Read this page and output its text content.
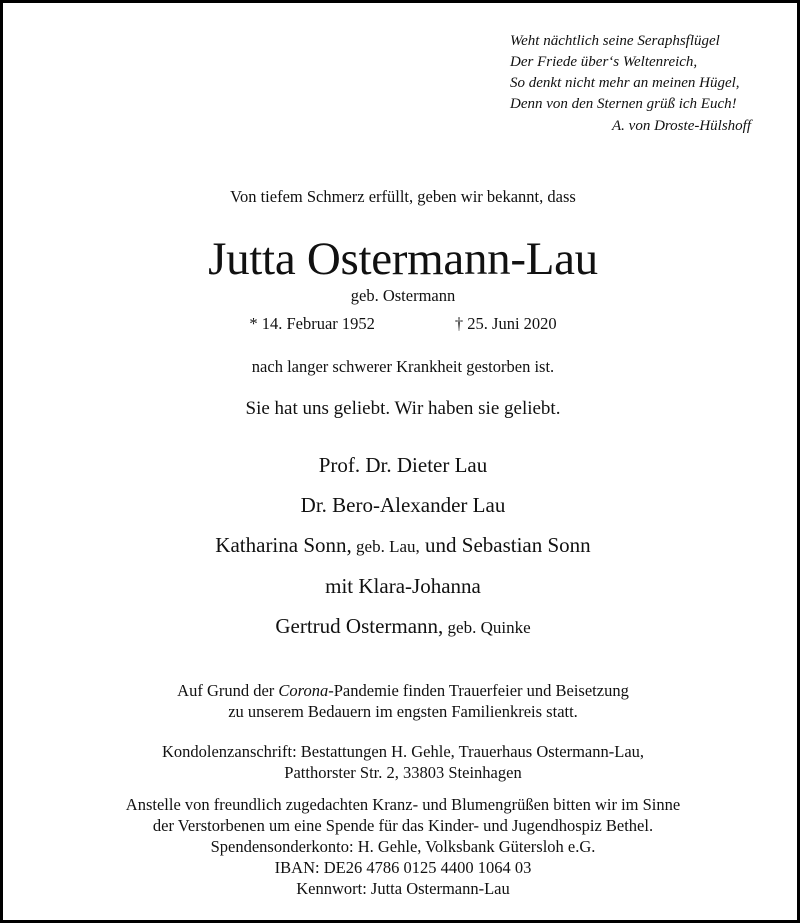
Weht nächtlich seine Seraphsflügel
Der Friede über‘s Weltenreich,
So denkt nicht mehr an meinen Hügel,
Denn von den Sternen grüß ich Euch!
A. von Droste-Hülshoff
Von tiefem Schmerz erfüllt, geben wir bekannt, dass
Jutta Ostermann-Lau
geb. Ostermann
* 14. Februar 1952	† 25. Juni 2020
nach langer schwerer Krankheit gestorben ist.
Sie hat uns geliebt. Wir haben sie geliebt.
Prof. Dr. Dieter Lau
Dr. Bero-Alexander Lau
Katharina Sonn, geb. Lau, und Sebastian Sonn
mit Klara-Johanna
Gertrud Ostermann, geb. Quinke
Auf Grund der Corona-Pandemie finden Trauerfeier und Beisetzung
zu unserem Bedauern im engsten Familienkreis statt.
Kondolenzanschrift: Bestattungen H. Gehle, Trauerhaus Ostermann-Lau,
Patthorster Str. 2, 33803 Steinhagen
Anstelle von freundlich zugedachten Kranz- und Blumengrüßen bitten wir im Sinne
der Verstorbenen um eine Spende für das Kinder- und Jugendhospiz Bethel.
Spendensonderkonto: H. Gehle, Volksbank Gütersloh e.G.
IBAN: DE26 4786 0125 4400 1064 03
Kennwort: Jutta Ostermann-Lau
